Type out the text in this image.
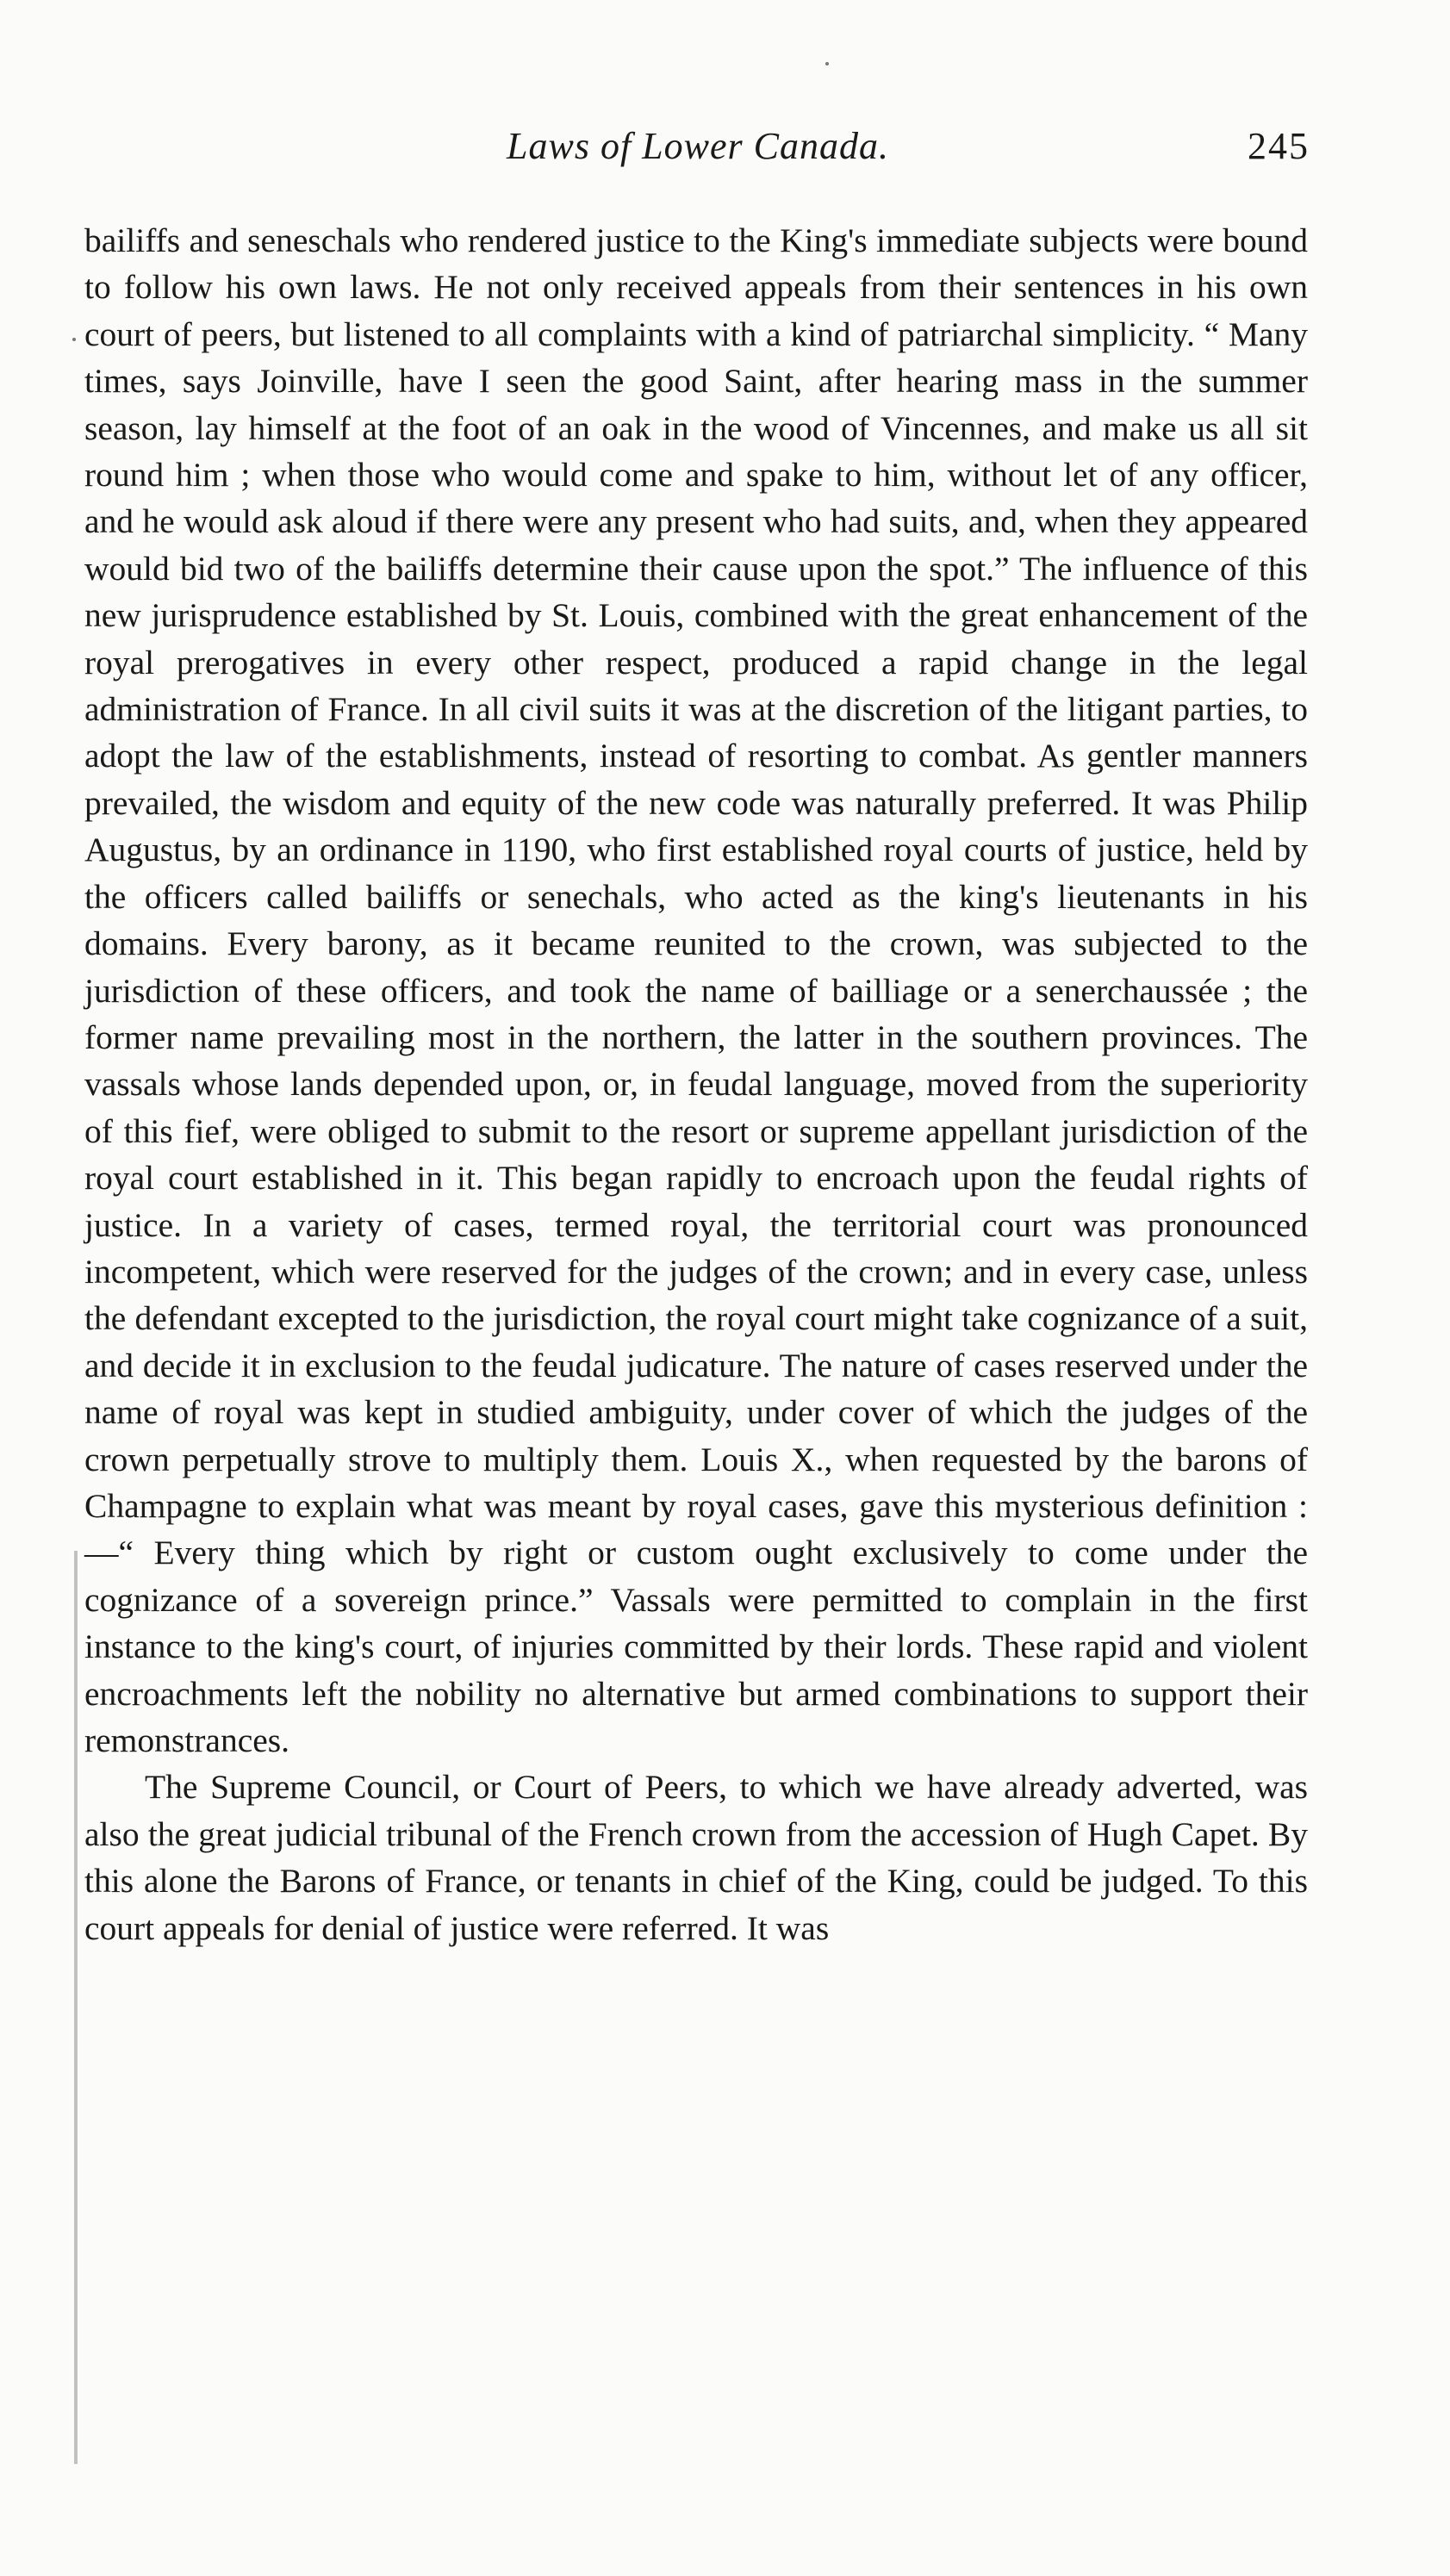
Laws of Lower Canada.	245

bailiffs and seneschals who rendered justice to the King's immediate subjects were bound to follow his own laws. He not only received appeals from their sentences in his own court of peers, but listened to all complaints with a kind of patriarchal simplicity. “ Many times, says Joinville, have I seen the good Saint, after hearing mass in the summer season, lay himself at the foot of an oak in the wood of Vincennes, and make us all sit round him ; when those who would come and spake to him, without let of any officer, and he would ask aloud if there were any present who had suits, and, when they appeared would bid two of the bailiffs determine their cause upon the spot.” The influence of this new jurisprudence established by St. Louis, combined with the great enhancement of the royal prerogatives in every other respect, produced a rapid change in the legal administration of France. In all civil suits it was at the discretion of the litigant parties, to adopt the law of the establishments, instead of resorting to combat. As gentler manners prevailed, the wisdom and equity of the new code was naturally preferred. It was Philip Augustus, by an ordinance in 1190, who first established royal courts of justice, held by the officers called bailiffs or senechals, who acted as the king's lieutenants in his domains. Every barony, as it became reunited to the crown, was subjected to the jurisdiction of these officers, and took the name of bailliage or a senerchaussée ; the former name prevailing most in the northern, the latter in the southern provinces. The vassals whose lands depended upon, or, in feudal language, moved from the superiority of this fief, were obliged to submit to the resort or supreme appellant jurisdiction of the royal court established in it. This began rapidly to encroach upon the feudal rights of justice. In a variety of cases, termed royal, the territorial court was pronounced incompetent, which were reserved for the judges of the crown; and in every case, unless the defendant excepted to the jurisdiction, the royal court might take cognizance of a suit, and decide it in exclusion to the feudal judicature. The nature of cases reserved under the name of royal was kept in studied ambiguity, under cover of which the judges of the crown perpetually strove to multiply them. Louis X., when requested by the barons of Champagne to explain what was meant by royal cases, gave this mysterious definition :—“ Every thing which by right or custom ought exclusively to come under the cognizance of a sovereign prince.” Vassals were permitted to complain in the first instance to the king's court, of injuries committed by their lords. These rapid and violent encroachments left the nobility no alternative but armed combinations to support their remonstrances.

The Supreme Council, or Court of Peers, to which we have already adverted, was also the great judicial tribunal of the French crown from the accession of Hugh Capet. By this alone the Barons of France, or tenants in chief of the King, could be judged. To this court appeals for denial of justice were referred. It was
